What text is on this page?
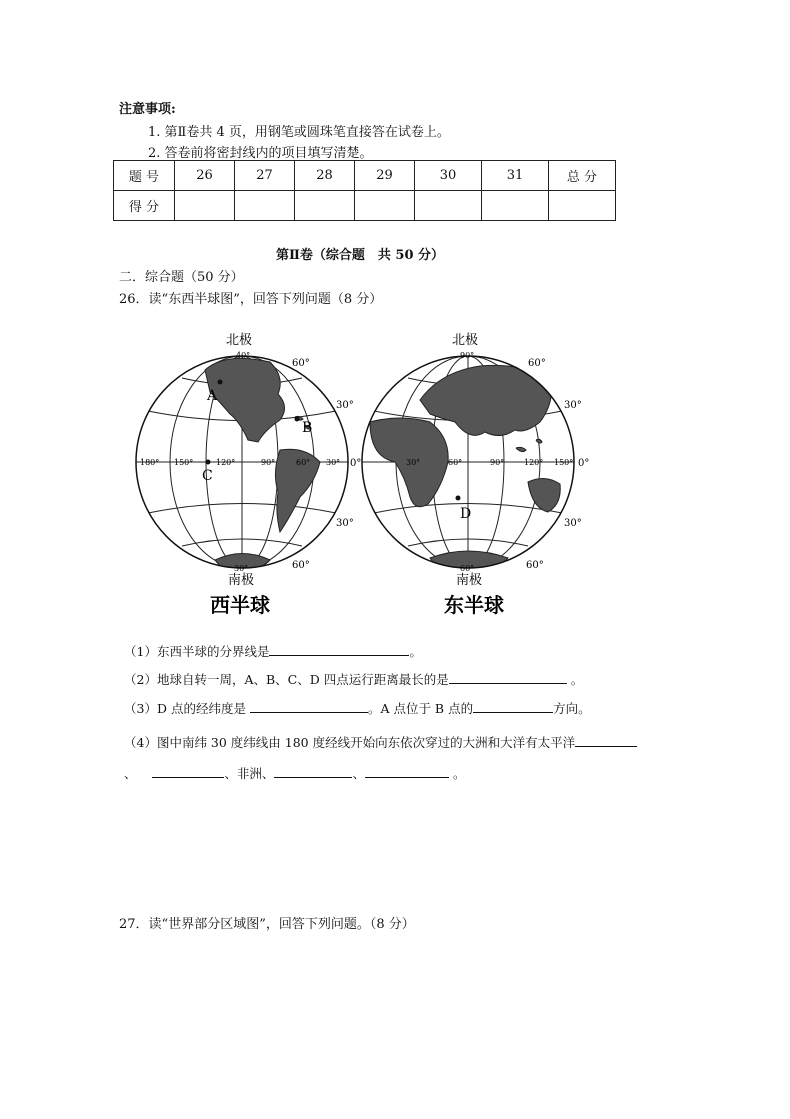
注意事项:
1. 第Ⅱ卷共 4 页，用钢笔或圆珠笔直接答在试卷上。
2. 答卷前将密封线内的项目填写清楚。
题 号	26	27	28	29	30	31	总 分
得 分							
第Ⅱ卷（综合题　共 50 分）
二．综合题（50 分）
26．读“东西半球图”，回答下列问题（8 分）
北极
40°
60°
30°
0°
30°
60°
180° 150°	120°	90°	60° 30°
30°
A
B
C
南极
西半球
北极
90°
60°
30°
0°
30°
60°
30°	60°	90° 120° 150°
60°
D
南极
东半球
（1）东西半球的分界线是	。
（2）地球自转一周，A、B、C、D 四点运行距离最长的是	。
（3）D 点的经纬度是	。A 点位于 B 点的	方向。
（4）图中南纬 30 度纬线由 180 度经线开始向东依次穿过的大洲和大洋有太平洋
、	、非洲、	、	。
27．读“世界部分区域图”，回答下列问题。（8 分）
